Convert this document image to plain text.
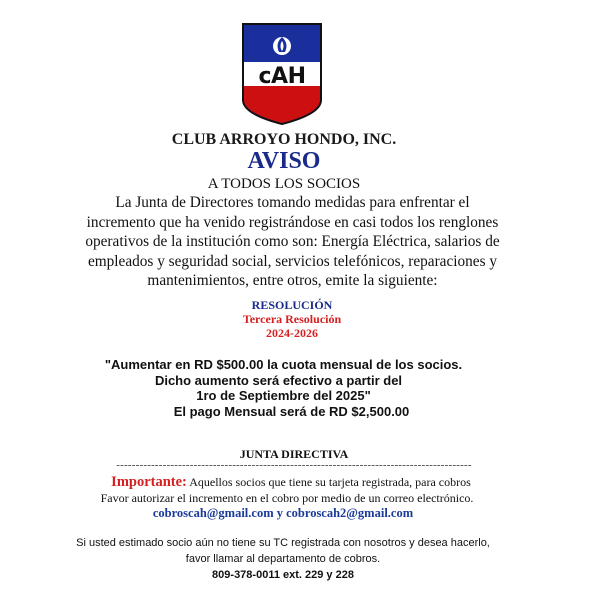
cAH
CLUB ARROYO HONDO, INC.
AVISO
A TODOS LOS SOCIOS

La Junta de Directores tomando medidas para enfrentar el

incremento que ha venido registrándose en casi todos los renglones

operativos de la institución como son: Energía Eléctrica, salarios de

empleados y seguridad social, servicios telefónicos, reparaciones y

mantenimientos, entre otros, emite la siguiente:

RESOLUCIÓN
Tercera Resolución
2024-2026

"Aumentar en RD $500.00 la cuota mensual de los socios.

Dicho aumento será efectivo a partir del

1ro de Septiembre del 2025"

El pago Mensual será de RD $2,500.00

JUNTA DIRECTIVA
--------------------------------------------------------------------------------------------
Importante: Aquellos socios que tiene su tarjeta registrada, para cobros
Favor autorizar el incremento en el cobro por medio de un correo electrónico.
cobroscah@gmail.com y cobroscah2@gmail.com
Si usted estimado socio aún no tiene su TC registrada con nosotros y desea hacerlo,
favor llamar al departamento de cobros.
809-378-0011 ext. 229 y 228
